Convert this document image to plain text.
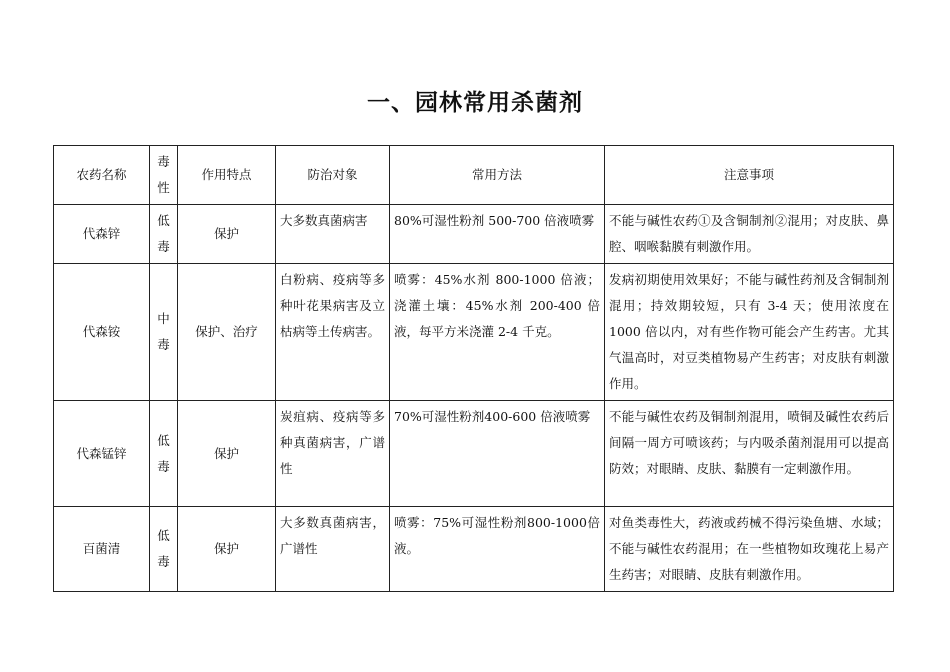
一、园林常用杀菌剂
农药名称	毒性	作用特点	防治对象	常用方法	注意事项
代森锌	低毒	保护	大多数真菌病害	80%可湿性粉剂 500-700 倍液喷雾	不能与碱性农药①及含铜制剂②混用；对皮肤、鼻腔、咽喉黏膜有刺激作用。
代森铵	中毒	保护、治疗	白粉病、疫病等多种叶花果病害及立枯病等土传病害。	喷雾：45%水剂 800-1000 倍液；浇灌土壤：45%水剂 200-400 倍液，每平方米浇灌 2-4 千克。	发病初期使用效果好；不能与碱性药剂及含铜制剂混用；持效期较短，只有 3-4 天；使用浓度在 1000 倍以内，对有些作物可能会产生药害。尤其气温高时，对豆类植物易产生药害；对皮肤有刺激作用。
代森锰锌	低毒	保护	炭疽病、疫病等多种真菌病害，广谱性	70%可湿性粉剂400-600 倍液喷雾	不能与碱性农药及铜制剂混用，喷铜及碱性农药后间隔一周方可喷该药；与内吸杀菌剂混用可以提高防效；对眼睛、皮肤、黏膜有一定刺激作用。
百菌清	低毒	保护	大多数真菌病害，广谱性	喷雾：75%可湿性粉剂800-1000倍液。	对鱼类毒性大，药液或药械不得污染鱼塘、水域；不能与碱性农药混用；在一些植物如玫瑰花上易产生药害；对眼睛、皮肤有刺激作用。
